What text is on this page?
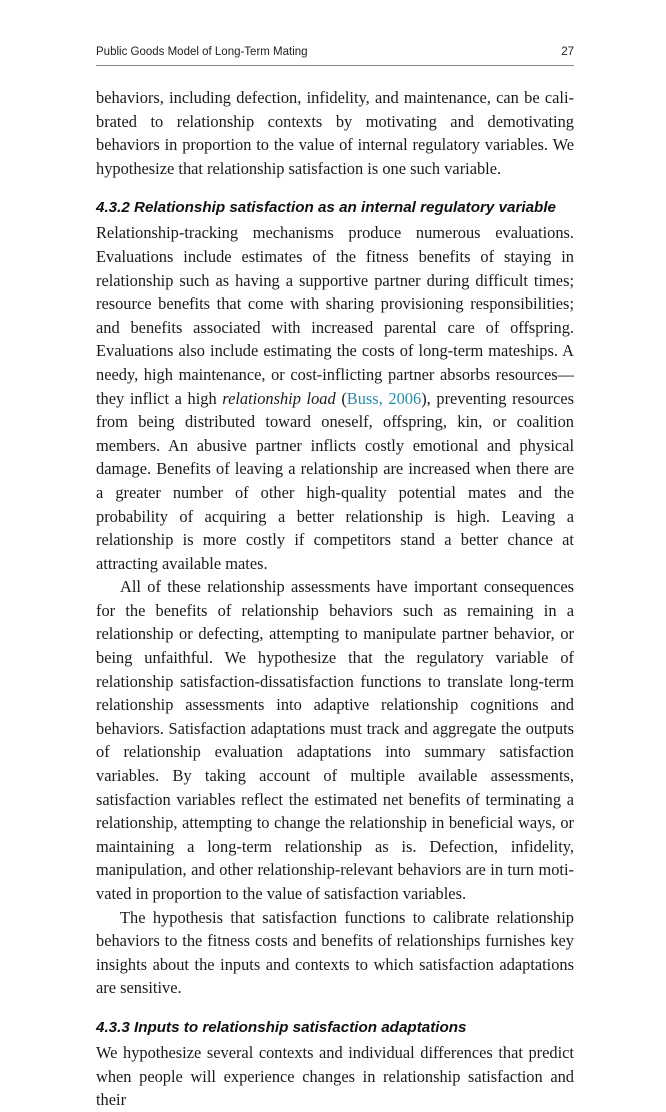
Public Goods Model of Long-Term Mating	27

behaviors, including defection, infidelity, and maintenance, can be calibrated to relationship contexts by motivating and demotivating behaviors in proportion to the value of internal regulatory variables. We hypothesize that relationship satisfaction is one such variable.

4.3.2 Relationship satisfaction as an internal regulatory variable

Relationship-tracking mechanisms produce numerous evaluations. Evaluations include estimates of the fitness benefits of staying in relationship such as having a supportive partner during difficult times; resource benefits that come with sharing provisioning responsibilities; and benefits associated with increased parental care of offspring. Evaluations also include estimating the costs of long-term mateships. A needy, high maintenance, or cost-inflicting partner absorbs resources—they inflict a high relationship load (Buss, 2006), preventing resources from being distributed toward oneself, offspring, kin, or coalition members. An abusive partner inflicts costly emotional and physical damage. Benefits of leaving a relationship are increased when there are a greater number of other high-quality potential mates and the probability of acquiring a better relationship is high. Leaving a relationship is more costly if competitors stand a better chance at attracting available mates.

All of these relationship assessments have important consequences for the benefits of relationship behaviors such as remaining in a relationship or defecting, attempting to manipulate partner behavior, or being unfaithful. We hypothesize that the regulatory variable of relationship satisfaction-dissatisfaction functions to translate long-term relationship assessments into adaptive relationship cognitions and behaviors. Satisfaction adaptations must track and aggregate the outputs of relationship evaluation adaptations into summary satisfaction variables. By taking account of multiple available assessments, satisfaction variables reflect the estimated net benefits of terminating a relationship, attempting to change the relationship in beneficial ways, or maintaining a long-term relationship as is. Defection, infidelity, manipulation, and other relationship-relevant behaviors are in turn motivated in proportion to the value of satisfaction variables.

The hypothesis that satisfaction functions to calibrate relationship behaviors to the fitness costs and benefits of relationships furnishes key insights about the inputs and contexts to which satisfaction adaptations are sensitive.

4.3.3 Inputs to relationship satisfaction adaptations

We hypothesize several contexts and individual differences that predict when people will experience changes in relationship satisfaction and their
